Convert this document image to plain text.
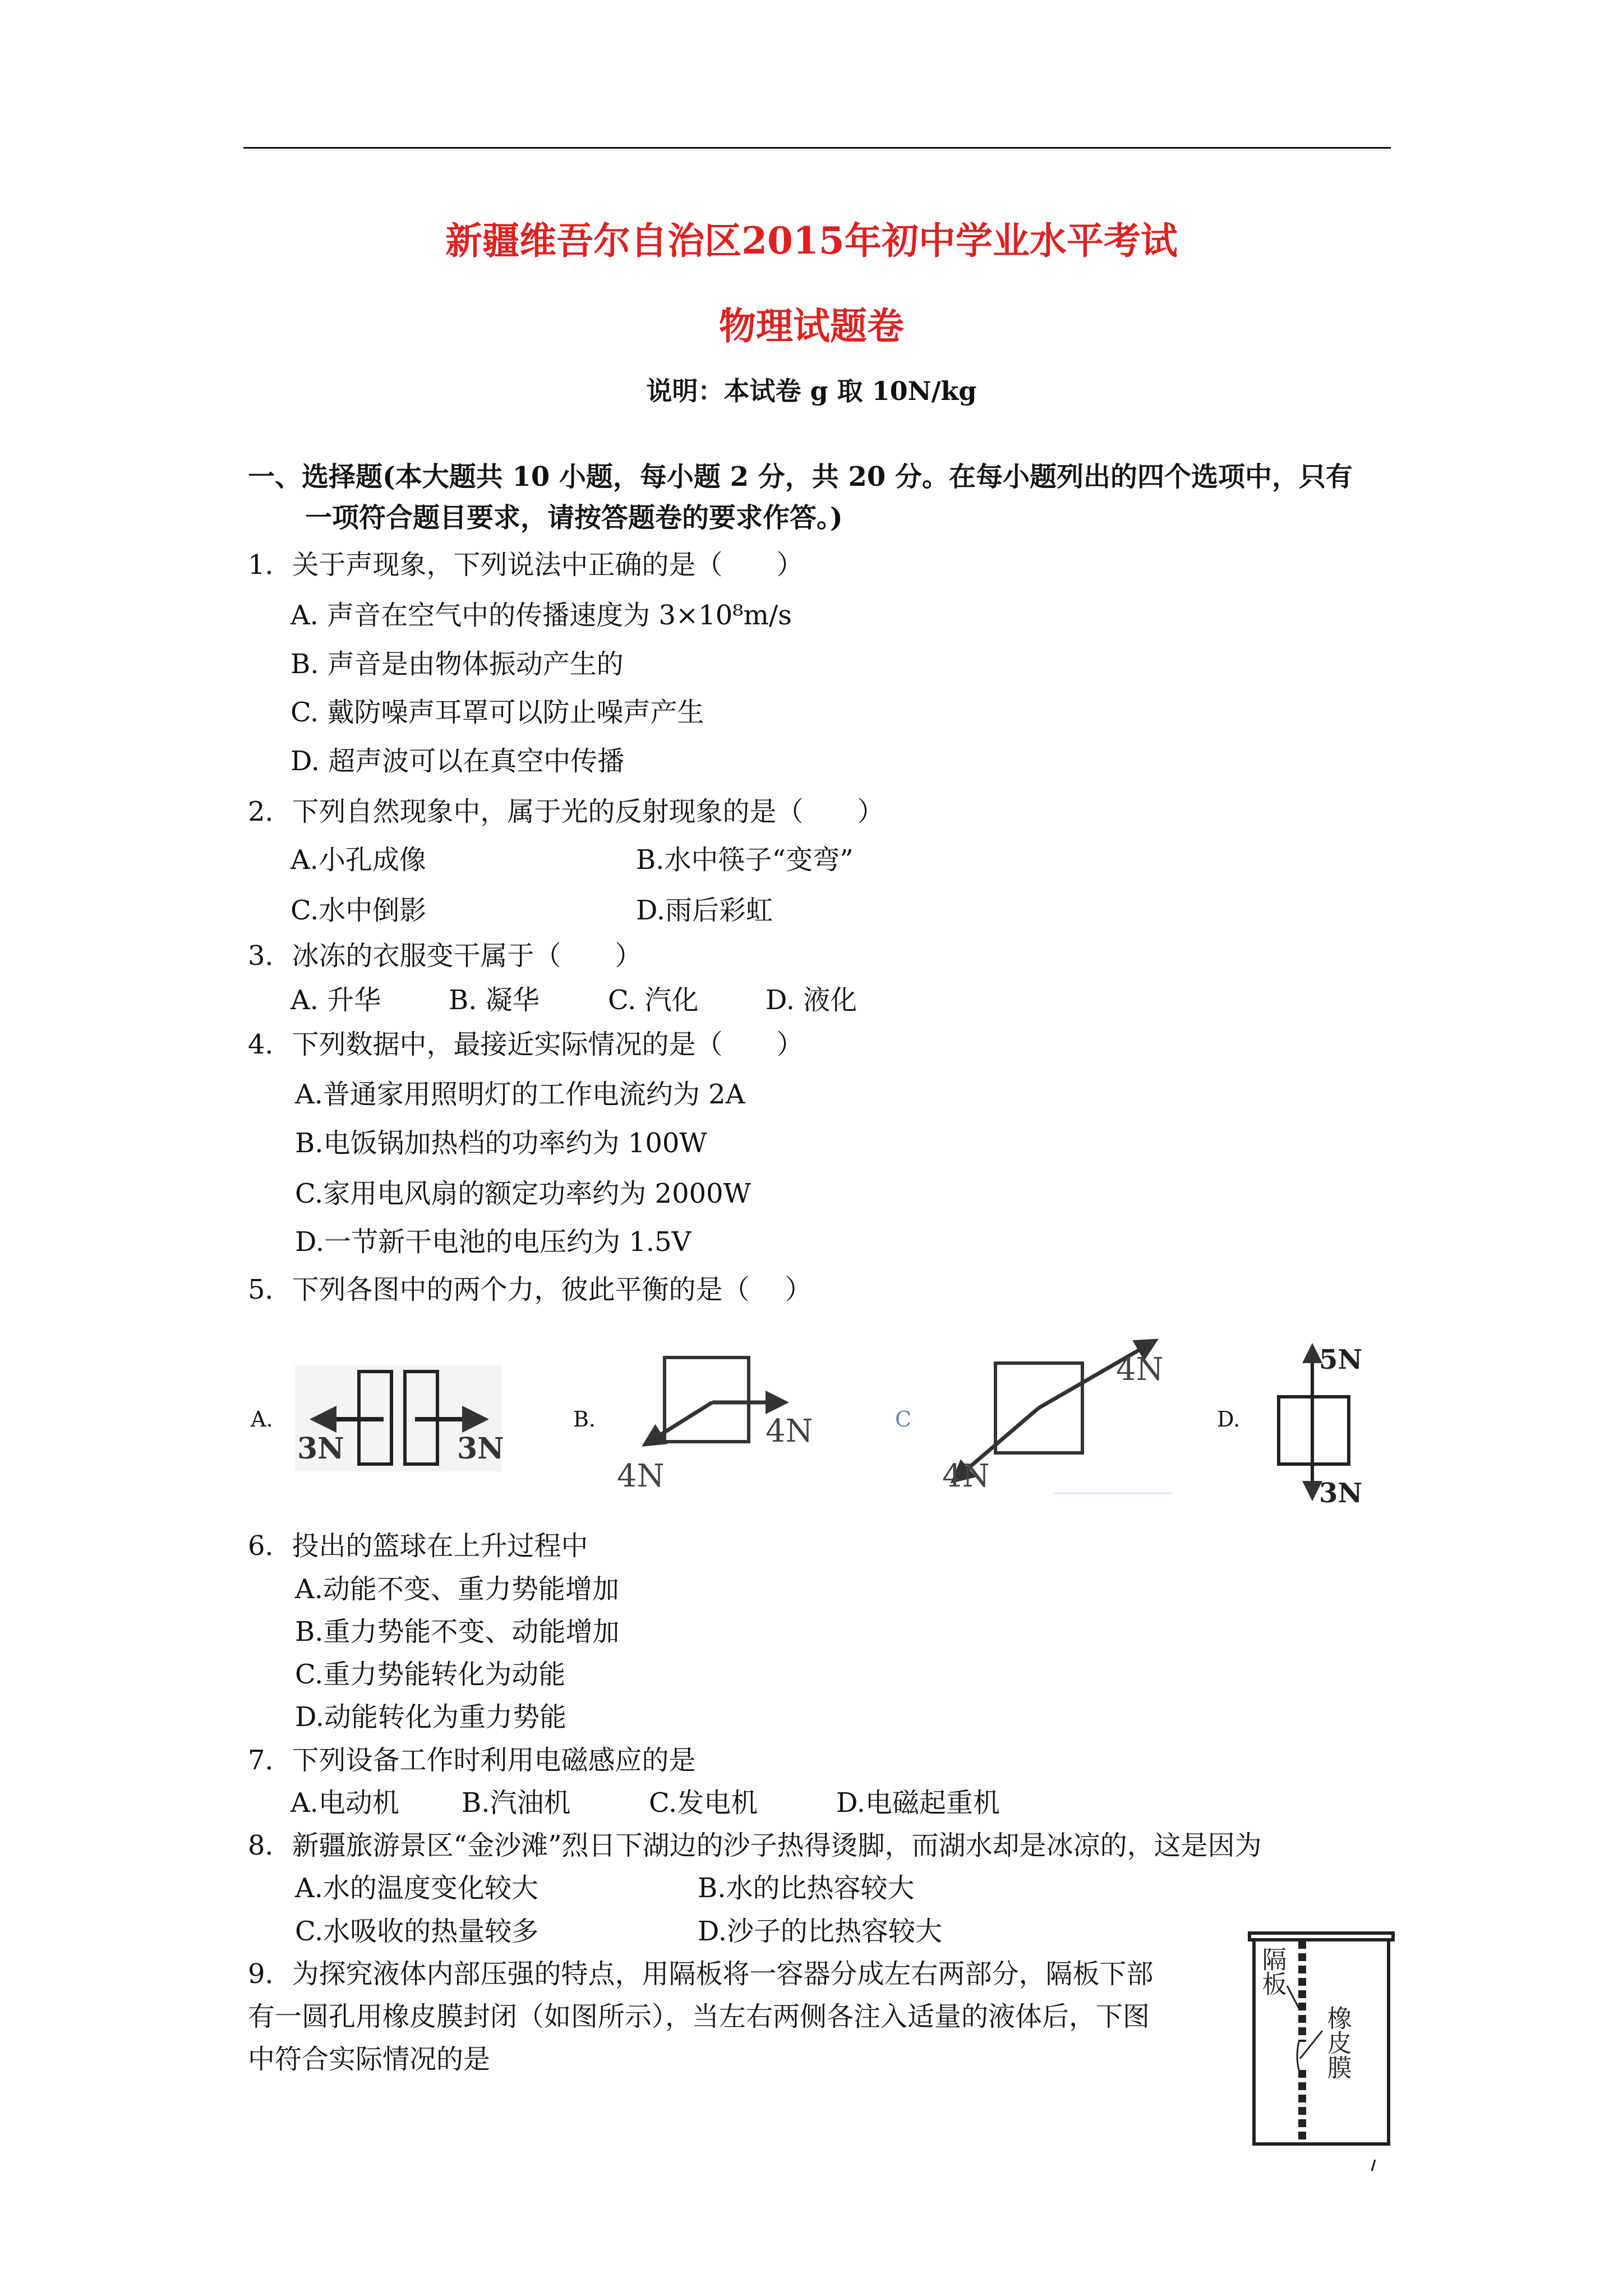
新疆维吾尔自治区2015年初中学业水平考试
物理试题卷
说明：本试卷 g 取 10N/kg
一、选择题(本大题共 10 小题，每小题 2 分，共 20 分。在每小题列出的四个选项中，只有
一项符合题目要求，请按答题卷的要求作答。)
1．关于声现象，下列说法中正确的是（　　）
A. 声音在空气中的传播速度为 3×10⁸m/s
B. 声音是由物体振动产生的
C. 戴防噪声耳罩可以防止噪声产生
D. 超声波可以在真空中传播
2．下列自然现象中，属于光的反射现象的是（　　）
A.小孔成像	B.水中筷子“变弯”
C.水中倒影	D.雨后彩虹
3．冰冻的衣服变干属于（　　）
A. 升华	B. 凝华	C. 汽化 D. 液化
4．下列数据中，最接近实际情况的是（　　）
A.普通家用照明灯的工作电流约为 2A
B.电饭锅加热档的功率约为 100W
C.家用电风扇的额定功率约为 2000W
D.一节新干电池的电压约为 1.5V
5．下列各图中的两个力，彼此平衡的是（　 ）
A.	B.	C	D.
6．投出的篮球在上升过程中
A.动能不变、重力势能增加
B.重力势能不变、动能增加
C.重力势能转化为动能
D.动能转化为重力势能
7．下列设备工作时利用电磁感应的是
A.电动机 B.汽油机	C.发电机	D.电磁起重机
8．新疆旅游景区“金沙滩”烈日下湖边的沙子热得烫脚，而湖水却是冰凉的，这是因为
A.水的温度变化较大	B.水的比热容较大
C.水吸收的热量较多	D.沙子的比热容较大
9．为探究液体内部压强的特点，用隔板将一容器分成左右两部分，隔板下部
有一圆孔用橡皮膜封闭（如图所示），当左右两侧各注入适量的液体后，下图
中符合实际情况的是
3N	3N	4N
4N
4N
4N
5N
3N
隔板
橡皮膜
